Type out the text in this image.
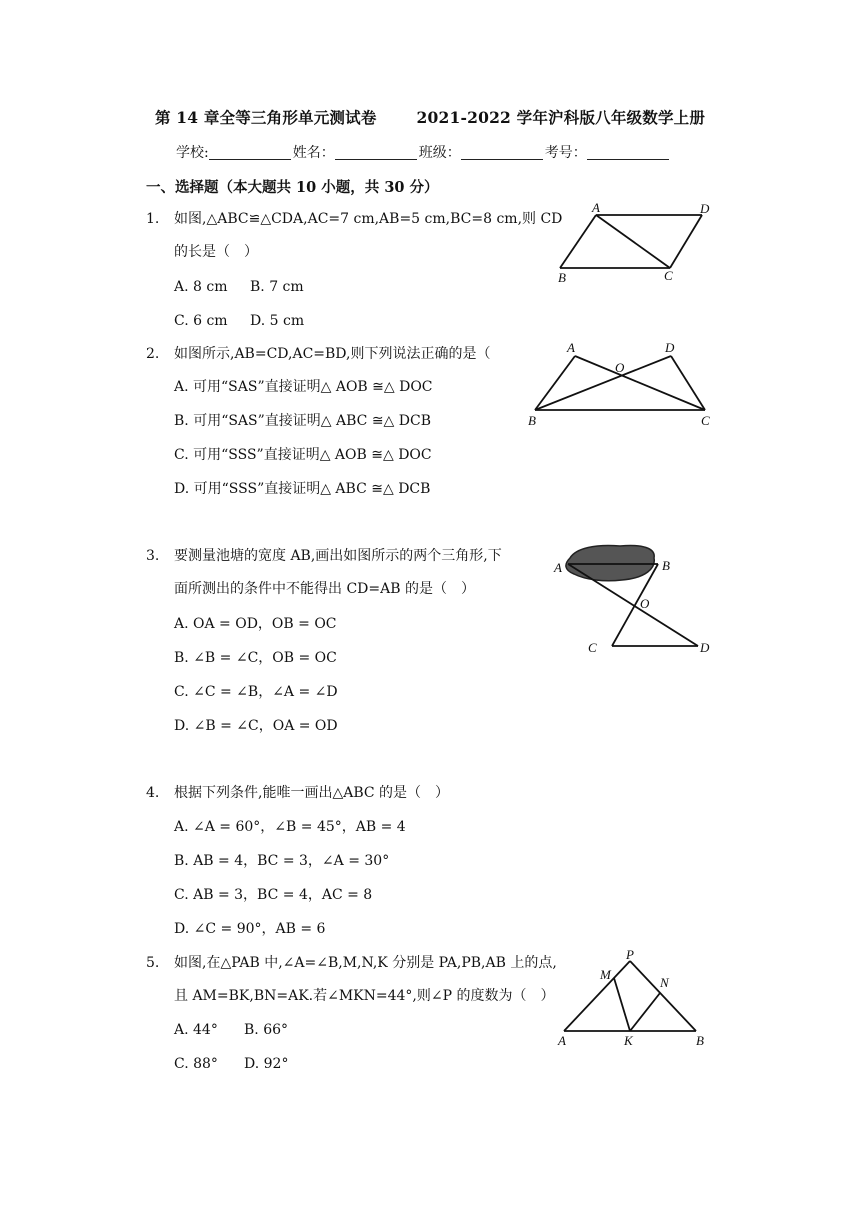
第 14 章全等三角形单元测试卷	2021-2022 学年沪科版八年级数学上册
学校:	姓名：	班级：	考号：
一、选择题（本大题共 10 小题，共 30 分）
1. 如图,△ABC≌△CDA,AC=7 cm,AB=5 cm,BC=8 cm,则 CD
的长是（　）
A. 8 cm B. 7 cm
C. 6 cm D. 5 cm
A	D
B	C
2. 如图所示,AB=CD,AC=BD,则下列说法正确的是（
A. 可用“SAS”直接证明△ AOB ≅△ DOC
B. 可用“SAS”直接证明△ ABC ≅△ DCB
C. 可用“SSS”直接证明△ AOB ≅△ DOC
D. 可用“SSS”直接证明△ ABC ≅△ DCB
A
O
D
B	C
3. 要测量池塘的宽度 AB,画出如图所示的两个三角形,下
面所测出的条件中不能得出 CD=AB 的是（　）
A. OA = OD，OB = OC
B. ∠B = ∠C，OB = OC
C. ∠C = ∠B，∠A = ∠D
D. ∠B = ∠C，OA = OD
A	B
O
C	D
4. 根据下列条件,能唯一画出△ABC 的是（　）
A. ∠A = 60°，∠B = 45°，AB = 4
B. AB = 4，BC = 3，∠A = 30°
C. AB = 3，BC = 4，AC = 8
D. ∠C = 90°，AB = 6
5. 如图,在△PAB 中,∠A=∠B,M,N,K 分别是 PA,PB,AB 上的点,
且 AM=BK,BN=AK.若∠MKN=44°,则∠P 的度数为（　）
A. 44° B. 66°
C. 88° D. 92°
P
M
N
A	K	B
